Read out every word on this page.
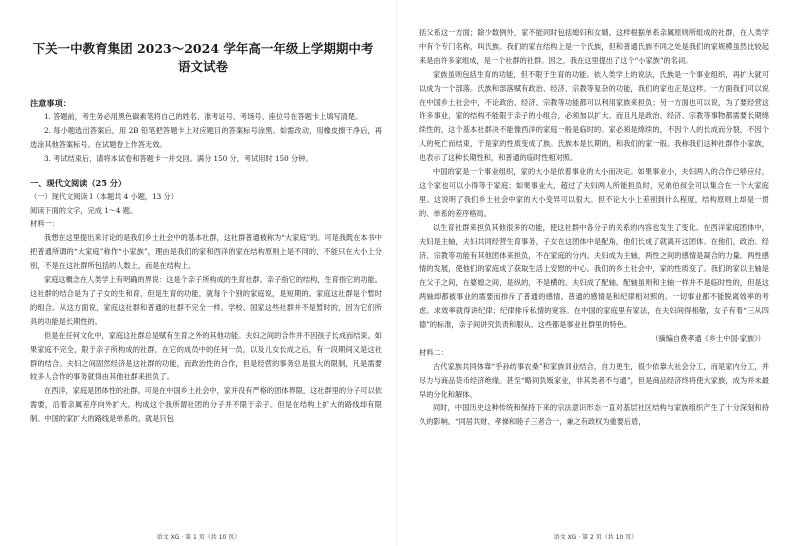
下关一中教育集团 2023～2024 学年高一年级上学期期中考

语文试卷

注意事项：

1. 答题前，考生务必用黑色碳素笔将自己的姓名、准考证号、考场号、座位号在答题卡上填写清楚。

2. 每小题选出答案后，用 2B 铅笔把答题卡上对应题目的答案标号涂黑。如需改动，用橡皮擦干净后，再选涂其他答案标号。在试题卷上作答无效。

3. 考试结束后，请将本试卷和答题卡一并交回。满分 150 分，考试用时 150 分钟。

一、现代文阅读（25 分）

（一）现代文阅读 I（本题共 4 小题，13 分）

阅读下面的文字，完成 1～4 题。

材料一：

我想在这里提出来讨论的是我们乡土社会中的基本社群，这社群普通被称为“大家庭”的。可是我既在本书中把普通所谓的“大家庭”称作“小家族”，理由是我们的家和西洋的家在结构原则上是不同的，不能只在大小上分别，不是在这社群所包括的人数上，而是在结构上。

家庭这概念在人类学上有明确的界说：这是个亲子所构成的生育社群。亲子指它的结构，生育指它的功能。这社群的结合是为了子女的生和育，但是生育的功能，就每个个别的家庭说，是短期的。家庭这社群是个暂时的组合。从这方面说，家庭这社群和普通的社群不完全一样。学校、国家这些社群并不是暂时的，因为它们所具的功能是长期性的。

但是在任何文化中，家庭这社群总是赋有生育之外的其他功能。夫妇之间的合作并不因孩子长成而结束。如果家庭不完全，限于亲子所构成的社群，在它的成员中的任何一员，以及儿女长成之后，有一段期间又是这社群的结合。夫妇之间固然经济是这社群的功能，而政治性的合作，但是经营的事务总是很大的限制，凡是需要较多人合作的事务就得由其他社群来担负了。

在西洋，家庭是团体性的社群。可是在中国乡土社会中，家并没有严格的团体界限，这社群里的分子可以依需要，沿着亲属差序向外扩大。构成这个我所谓社团的分子并不限于亲子。但是在结构上扩大的路线却有限制。中国的家扩大的路线是单系的，就是只包

语文 XG · 第 1 页（共 10 页）

括父系这一方面；除少数例外，家不能同时包括媳妇和女婿。这样根据单系亲属原则所组成的社群，在人类学中有个专门名称，叫氏族。我们的家在结构上是一个氏族，但和普通氏族不同之处是我们的家规模虽然比较起来是由许多家组成，是一个社群的社群。因之，我在这里提出了这个“小家族”的名词。

家族虽则包括生育的功能，但不限于生育的功能。依人类学上的说法，氏族是一个事业组织，再扩大就可以成为一个部落。氏族和部落赋有政治、经济、宗教等复杂的功能，我们的家也正是这样。一方面我们可以说在中国乡土社会中，不论政治、经济、宗教等功能都可以利用家族来担负；另一方面也可以说，为了要经营这许多事业，家的结构不能限于亲子的小组合，必须加以扩大。而且凡是政治、经济、宗教等事物都需要长期绵续性的，这个基本社群决不能像西洋的家庭一般是临时的。家必须是绵续的，不因个人的长成而分裂，不因个人的死亡而结束，于是家的性质变成了族。氏族本是长期的，和我们的家一般。我称我们这种社群作小家族，也表示了这种长期性和，和普通的临时性相对照。

中国的家是一个事业组织，家的大小是依着事业的大小而决定。如果事业小，夫妇两人的合作已够应付，这个家也可以小得等于家庭；如果事业大，超过了夫妇两人所能担负时，兄弟伯叔全可以集合在一个大家庭里。这说明了我们乡土社会中家的大小变异可以很大。但不论大小上差别到什么程度，结构原则上却是一贯的、单系的差序格局。

以生育社群来担负其他很多的功能，使这社群中各分子的关系的内容也发生了变化。在西洋家庭团体中，夫妇是主轴，夫妇共同经营生育事务，子女在这团体中是配角，他们长成了就离开这团体。在他们，政治、经济、宗教等功能有其他团体来担负，不在家庭的分内。夫妇成为主轴，两性之间的感情是凝合的力量。两性感情的发展，使他们的家庭成了获取生活上安慰的中心。我们的乡土社会中，家的性质变了。我们的家以主轴是在父子之间，在婆媳之间，是纵的，不是横的。夫妇成了配轴。配轴虽则和主轴一样并不是临时性的，但是这两轴却都被事业的需要而排斥了普通的感情。普通的感情是和纪律相对照的。一切事业都不能脱离效率的考虑。求效率就得讲纪律；纪律排斥私情的宽容。在中国的家庭里有家法，在夫妇间得相敬，女子有着“三从四德”的标准，亲子间讲究负责和服从。这些都是事业社群里的特色。

（摘编自费孝通《乡土中国·家族》）

材料二：

古代家族共同体靠“乎孙纺事农桑”和家族训业结合，自力更生，很少依靠大社会分工，而是家内分工，并尽力与商品货币经济绝缘。甚至“略同负贩家业，非其类者不与通”，但是商品经济终将使大家族，成为并未最早的分化和解体。

同时，中国历史这种传统和保持下来的宗法意识形态一直对基层社区结构与家族组织产生了十分深刻和持久的影响。“同居共财、孝悌和睦子三者合一，兼之有政权为重要后盾，

语文 XG · 第 2 页（共 10 页）
